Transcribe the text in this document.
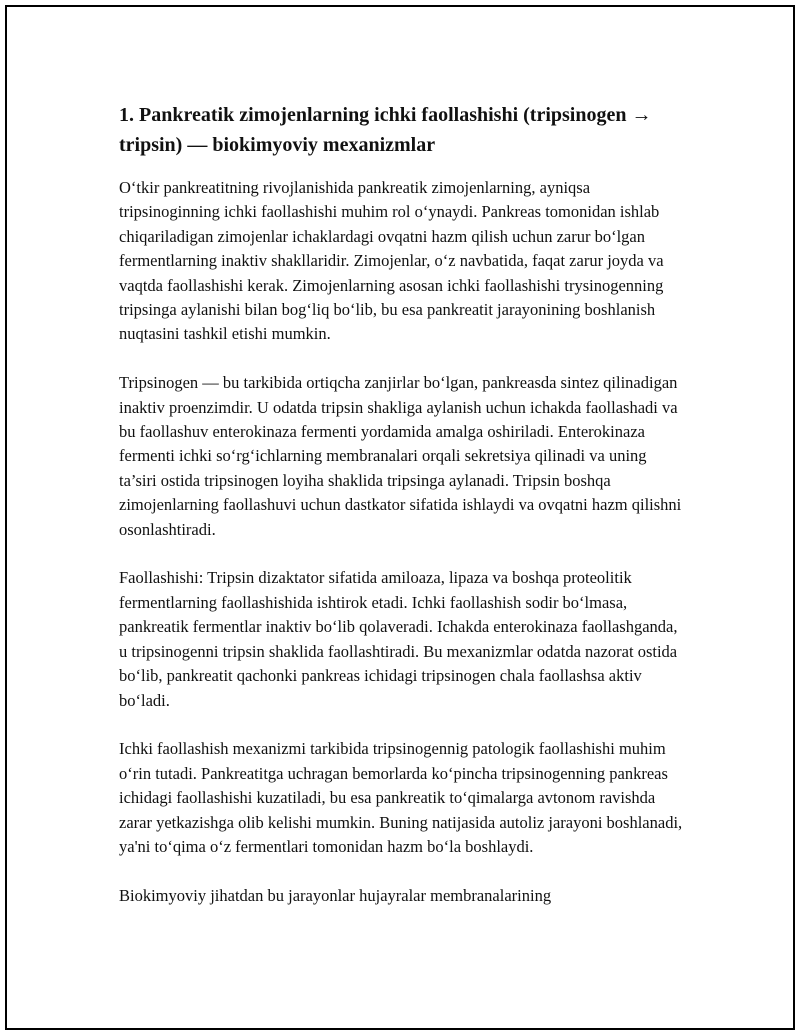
1. Pankreatik zimojenlarning ichki faollashishi (tripsinogen → tripsin) — biokimyoviy mexanizmlar

O‘tkir pankreatitning rivojlanishida pankreatik zimojenlarning, ayniqsa tripsinoginning ichki faollashishi muhim rol o‘ynaydi. Pankreas tomonidan ishlab chiqariladigan zimojenlar ichaklardagi ovqatni hazm qilish uchun zarur bo‘lgan fermentlarning inaktiv shakllaridir. Zimojenlar, o‘z navbatida, faqat zarur joyda va vaqtda faollashishi kerak. Zimojenlarning asosan ichki faollashishi trysinogenning tripsinga aylanishi bilan bog‘liq bo‘lib, bu esa pankreatit jarayonining boshlanish nuqtasini tashkil etishi mumkin.

Tripsinogen — bu tarkibida ortiqcha zanjirlar bo‘lgan, pankreasda sintez qilinadigan inaktiv proenzimdir. U odatda tripsin shakliga aylanish uchun ichakda faollashadi va bu faollashuv enterokinaza fermenti yordamida amalga oshiriladi. Enterokinaza fermenti ichki so‘rg‘ichlarning membranalari orqali sekretsiya qilinadi va uning ta’siri ostida tripsinogen loyiha shaklida tripsinga aylanadi. Tripsin boshqa zimojenlarning faollashuvi uchun dastkator sifatida ishlaydi va ovqatni hazm qilishni osonlashtiradi.

Faollashishi: Tripsin dizaktator sifatida amiloaza, lipaza va boshqa proteolitik fermentlarning faollashishida ishtirok etadi. Ichki faollashish sodir bo‘lmasa, pankreatik fermentlar inaktiv bo‘lib qolaveradi. Ichakda enterokinaza faollashganda, u tripsinogenni tripsin shaklida faollashtiradi. Bu mexanizmlar odatda nazorat ostida bo‘lib, pankreatit qachonki pankreas ichidagi tripsinogen chala faollashsa aktiv bo‘ladi.

Ichki faollashish mexanizmi tarkibida tripsinogennig patologik faollashishi muhim o‘rin tutadi. Pankreatitga uchragan bemorlarda ko‘pincha tripsinogenning pankreas ichidagi faollashishi kuzatiladi, bu esa pankreatik to‘qimalarga avtonom ravishda zarar yetkazishga olib kelishi mumkin. Buning natijasida autoliz jarayoni boshlanadi, ya'ni to‘qima o‘z fermentlari tomonidan hazm bo‘la boshlaydi.

Biokimyoviy jihatdan bu jarayonlar hujayralar membranalarining
